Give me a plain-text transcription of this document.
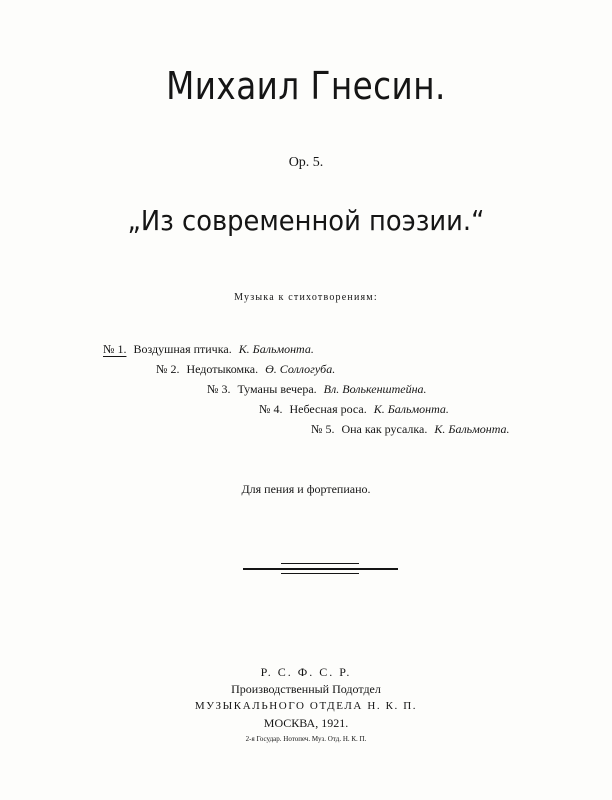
Михаил Гнесин.
Ор. 5.
„Из современной поэзии.“
Музыка к стихотворениям:
№ 1. Воздушная птичка. К. Бальмонта.
№ 2. Недотыкомка. Ө. Соллогуба.
№ 3. Туманы вечера. Вл. Волькенштейна.
№ 4. Небесная роса. К. Бальмонта.
№ 5. Она как русалка. К. Бальмонта.
Для пения и фортепиано.
Р. С. Ф. С. Р.
Производственный Подотдел
МУЗЫКАЛЬНОГО ОТДЕЛА Н. К. П.
МОСКВА, 1921.
2-я Госудap. Нотопеч. Муз. Отд. Н. К. П.
